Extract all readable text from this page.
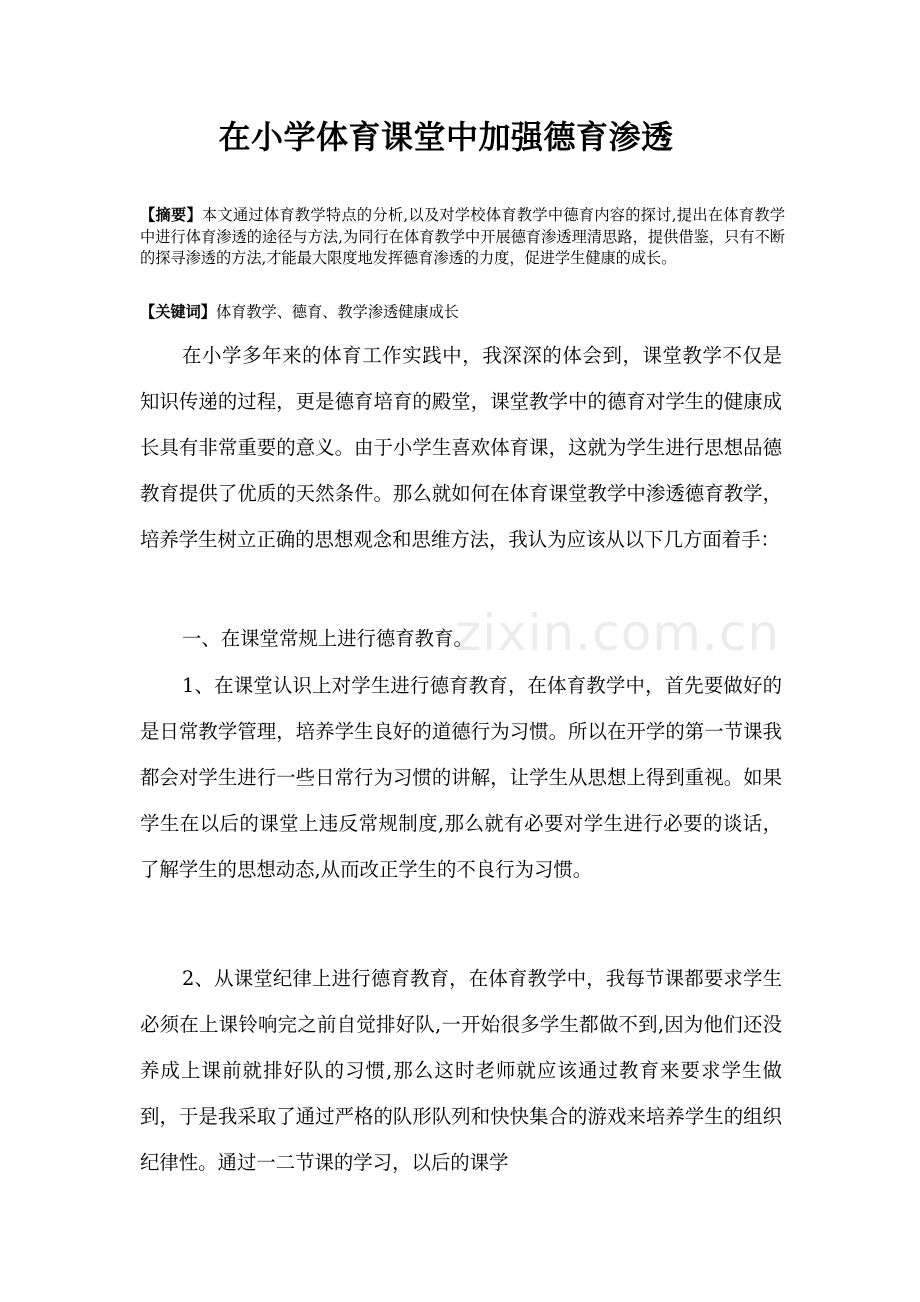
zixin.com.cn
在小学体育课堂中加强德育渗透
【摘要】本文通过体育教学特点的分析,以及对学校体育教学中德育内容的探讨,提出在体育教学中进行体育渗透的途径与方法,为同行在体育教学中开展德育渗透理清思路，提供借鉴，只有不断的探寻渗透的方法,才能最大限度地发挥德育渗透的力度，促进学生健康的成长。
【关键词】体育教学、德育、教学渗透健康成长

在小学多年来的体育工作实践中，我深深的体会到，课堂教学不仅是知识传递的过程，更是德育培育的殿堂，课堂教学中的德育对学生的健康成长具有非常重要的意义。由于小学生喜欢体育课，这就为学生进行思想品德教育提供了优质的天然条件。那么就如何在体育课堂教学中渗透德育教学，培养学生树立正确的思想观念和思维方法，我认为应该从以下几方面着手：

一、在课堂常规上进行德育教育。

1、在课堂认识上对学生进行德育教育，在体育教学中，首先要做好的是日常教学管理，培养学生良好的道德行为习惯。所以在开学的第一节课我都会对学生进行一些日常行为习惯的讲解，让学生从思想上得到重视。如果学生在以后的课堂上违反常规制度,那么就有必要对学生进行必要的谈话，了解学生的思想动态,从而改正学生的不良行为习惯。

2、从课堂纪律上进行德育教育，在体育教学中，我每节课都要求学生必须在上课铃响完之前自觉排好队,一开始很多学生都做不到,因为他们还没养成上课前就排好队的习惯,那么这时老师就应该通过教育来要求学生做到，于是我采取了通过严格的队形队列和快快集合的游戏来培养学生的组织纪律性。通过一二节课的学习，以后的课学
